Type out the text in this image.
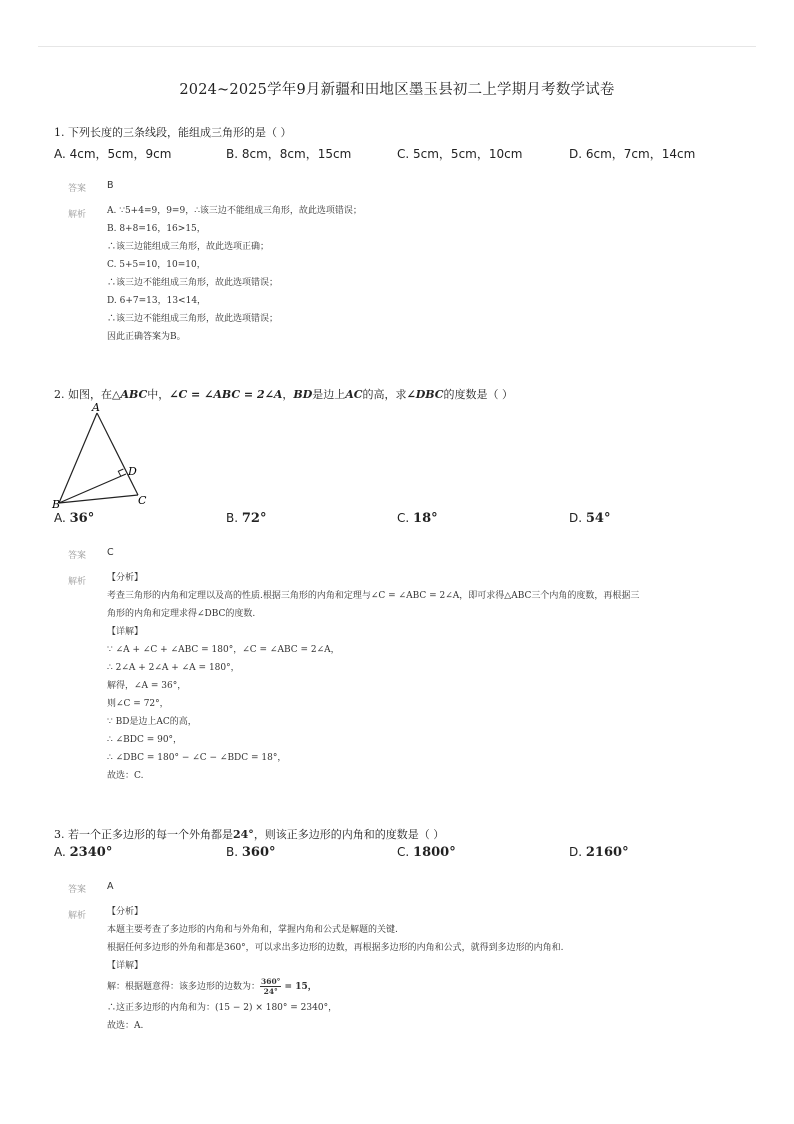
2024~2025学年9月新疆和田地区墨玉县初二上学期月考数学试卷
1. 下列长度的三条线段，能组成三角形的是（ ）
A. 4cm，5cm，9cm	B. 8cm，8cm，15cm	C. 5cm，5cm，10cm	D. 6cm，7cm，14cm
答案 B
解析 A. ∵5+4=9，9=9，∴该三边不能组成三角形，故此选项错误；
B. 8+8=16，16>15，
∴该三边能组成三角形，故此选项正确；
C. 5+5=10，10=10，
∴该三边不能组成三角形，故此选项错误；
D. 6+7=13，13<14，
∴该三边不能组成三角形，故此选项错误；
因此正确答案为B。
2. 如图，在△ABC中，∠C = ∠ABC = 2∠A，BD是边上AC的高，求∠DBC的度数是（ ）
A
B	C
D
A. 36°	B. 72°	C. 18°	D. 54°
答案 C
解析 【分析】
考查三角形的内角和定理以及高的性质.根据三角形的内角和定理与∠C = ∠ABC = 2∠A，即可求得△ABC三个内角的度数，再根据三
角形的内角和定理求得∠DBC的度数.
【详解】
∵ ∠A + ∠C + ∠ABC = 180°，∠C = ∠ABC = 2∠A，
∴ 2∠A + 2∠A + ∠A = 180°，
解得，∠A = 36°，
则∠C = 72°，
∵ BD是边上AC的高，
∴ ∠BDC = 90°，
∴ ∠DBC = 180° − ∠C − ∠BDC = 18°，
故选：C.
3. 若一个正多边形的每一个外角都是24°，则该正多边形的内角和的度数是（ ）
A. 2340°	B. 360°	C. 1800°	D. 2160°
答案 A
解析 【分析】
本题主要考查了多边形的内角和与外角和，掌握内角和公式是解题的关键.
根据任何多边形的外角和都是360°，可以求出多边形的边数，再根据多边形的内角和公式，就得到多边形的内角和.
【详解】
解：根据题意得：该多边形的边数为： $\frac{360^\circ}{24^\circ} = 15$，
∴这正多边形的内角和为：(15 − 2) × 180° = 2340°，
故选：A.
